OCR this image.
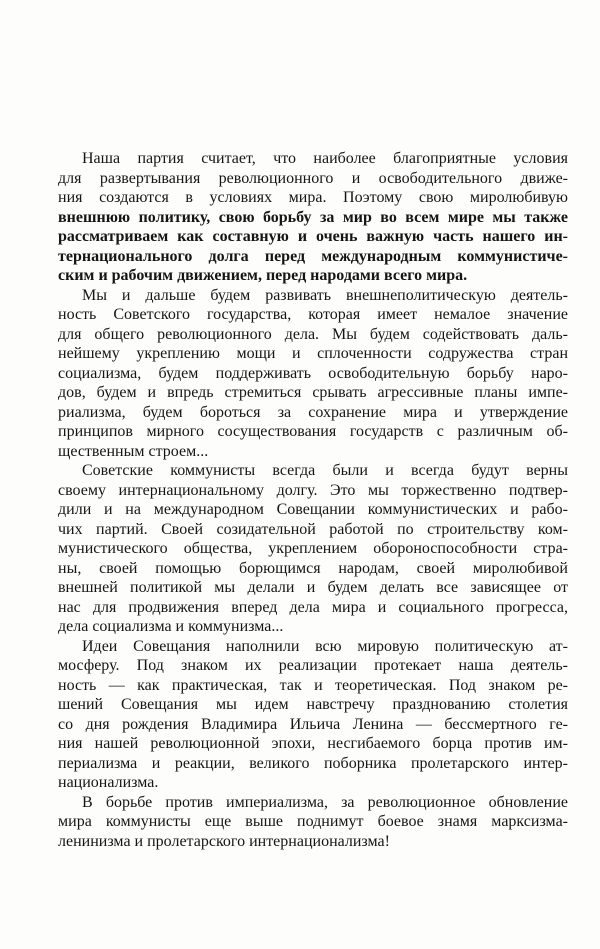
Наша партия считает, что наиболее благоприятные условия
для развертывания революционного и освободительного движе-
ния создаются в условиях мира. Поэтому свою миролюбивую
внешнюю политику, свою борьбу за мир во всем мире мы также
рассматриваем как составную и очень важную часть нашего ин-
тернационального долга перед международным коммунистиче-
ским и рабочим движением, перед народами всего мира.
Мы и дальше будем развивать внешнеполитическую деятель-
ность Советского государства, которая имеет немалое значение
для общего революционного дела. Мы будем содействовать даль-
нейшему укреплению мощи и сплоченности содружества стран
социализма, будем поддерживать освободительную борьбу наро-
дов, будем и впредь стремиться срывать агрессивные планы импе-
риализма, будем бороться за сохранение мира и утверждение
принципов мирного сосуществования государств с различным об-
щественным строем...
Советские коммунисты всегда были и всегда будут верны
своему интернациональному долгу. Это мы торжественно подтвер-
дили и на международном Совещании коммунистических и рабо-
чих партий. Своей созидательной работой по строительству ком-
мунистического общества, укреплением обороноспособности стра-
ны, своей помощью борющимся народам, своей миролюбивой
внешней политикой мы делали и будем делать все зависящее от
нас для продвижения вперед дела мира и социального прогресса,
дела социализма и коммунизма...
Идеи Совещания наполнили всю мировую политическую ат-
мосферу. Под знаком их реализации протекает наша деятель-
ность — как практическая, так и теоретическая. Под знаком ре-
шений Совещания мы идем навстречу празднованию столетия
со дня рождения Владимира Ильича Ленина — бессмертного ге-
ния нашей революционной эпохи, несгибаемого борца против им-
периализма и реакции, великого поборника пролетарского интер-
национализма.
В борьбе против империализма, за революционное обновление
мира коммунисты еще выше поднимут боевое знамя марксизма-
ленинизма и пролетарского интернационализма!
